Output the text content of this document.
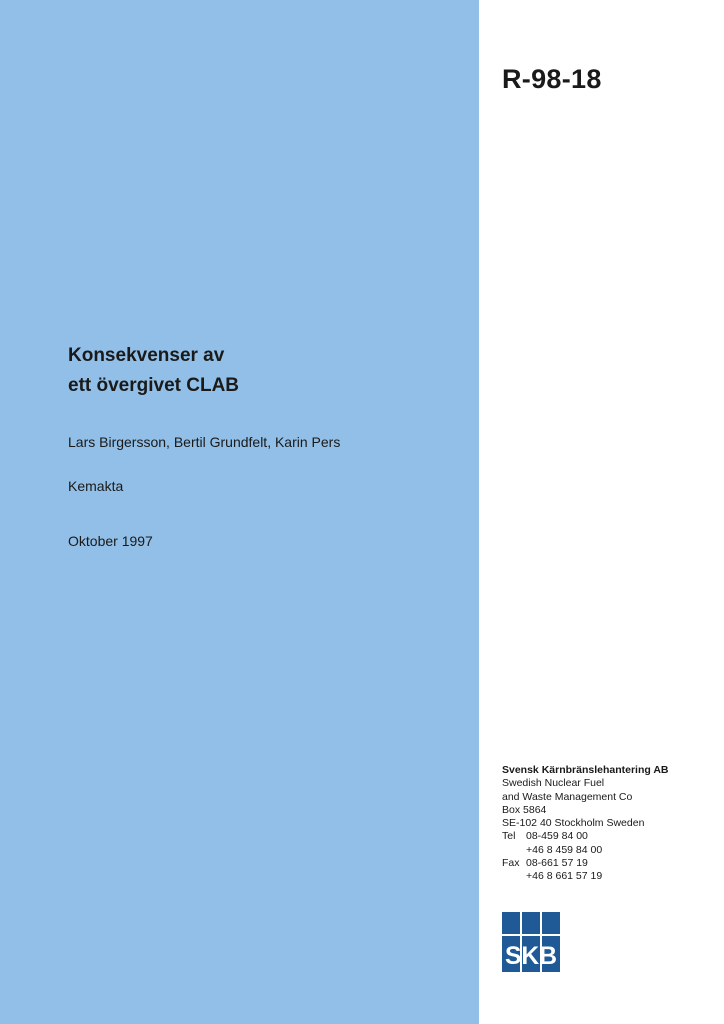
R-98-18
Konsekvenser av
ett övergivet CLAB
Lars Birgersson, Bertil Grundfelt, Karin Pers
Kemakta
Oktober 1997
Svensk Kärnbränslehantering AB
Swedish Nuclear Fuel
and Waste Management Co
Box 5864
SE-102 40 Stockholm Sweden
Tel	08-459 84 00
+46 8 459 84 00
Fax 08-661 57 19
+46 8 661 57 19
SKB
